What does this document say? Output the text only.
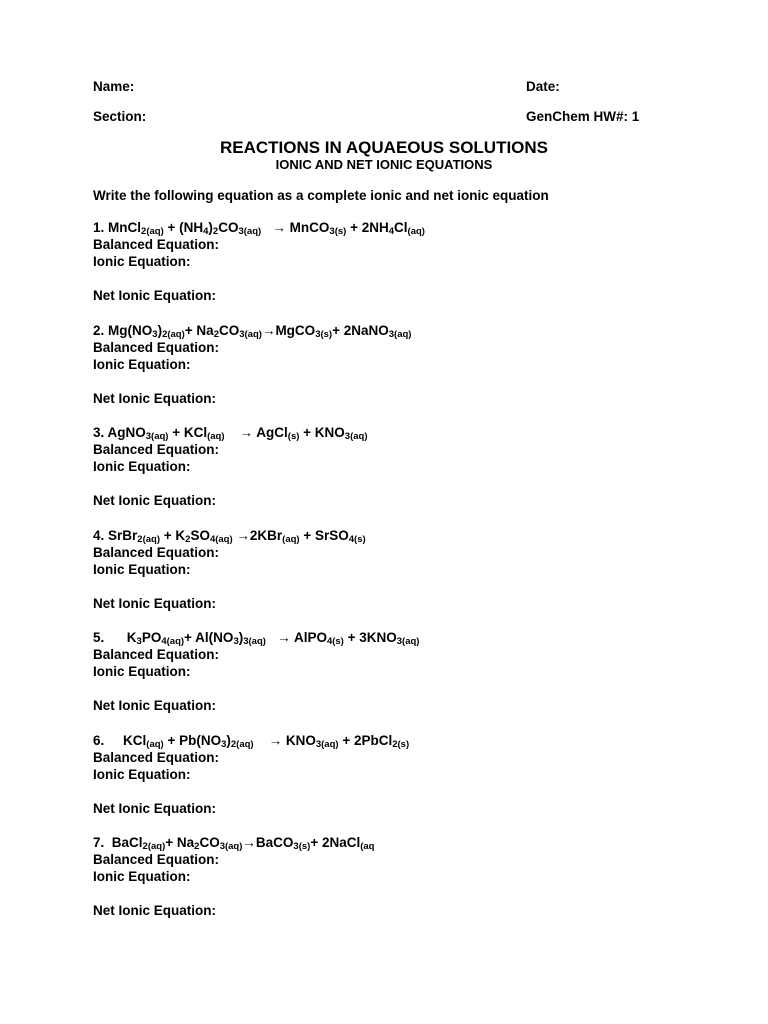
Name:	Date:
Section:	GenChem HW#: 1
REACTIONS IN AQUAEOUS SOLUTIONS
IONIC AND NET IONIC EQUATIONS
Write the following equation as a complete ionic and net ionic equation
1. MnCl$_{2(aq)}$ + $(NH_4)_2CO_{3(aq)}$   → MnCO$_{3(s)}$ + $2NH_4Cl_{(aq)}$
Balanced Equation:
Ionic Equation:
Net Ionic Equation:
2. $Mg(NO_3)_{2(aq)}+$ $Na_2CO_{3(aq)}\to MgCO_{3(s)}+$ 2NaNO$_{3(aq)}$
Balanced Equation:
Ionic Equation:
Net Ionic Equation:
3. AgNO$_{3(aq)}$ + KCl$_{(aq)}$    → AgCl$_{(s)}$ + $KNO_{3(aq)}$
Balanced Equation:
Ionic Equation:
Net Ionic Equation:
4. SrBr$_{2(aq)}$ + $K_2SO_{4(aq)} \to 2KBr_{(aq)}$ + SrSO$_{4(s)}$
Balanced Equation:
Ionic Equation:
Net Ionic Equation:
5. $K_3PO_{4(aq)}+ Al(NO_3)_{3(aq)}$   → AlPO$_{4(s)}$ + $3KNO_{3(aq)}$
Balanced Equation:
Ionic Equation:
Net Ionic Equation:
6. $KCl_{(aq)} + Pb(NO_3)_{2(aq)}$    → $KNO_{3(aq)}$ + 2PbCl$_{2(s)}$
Balanced Equation:
Ionic Equation:
Net Ionic Equation:
7. BaCl$_{2(aq)}$+ $Na_2CO_{3(aq)}\to BaCO_{3(s)}+$ 2NaCl$_{(aq}$
Balanced Equation:
Ionic Equation:
Net Ionic Equation:
